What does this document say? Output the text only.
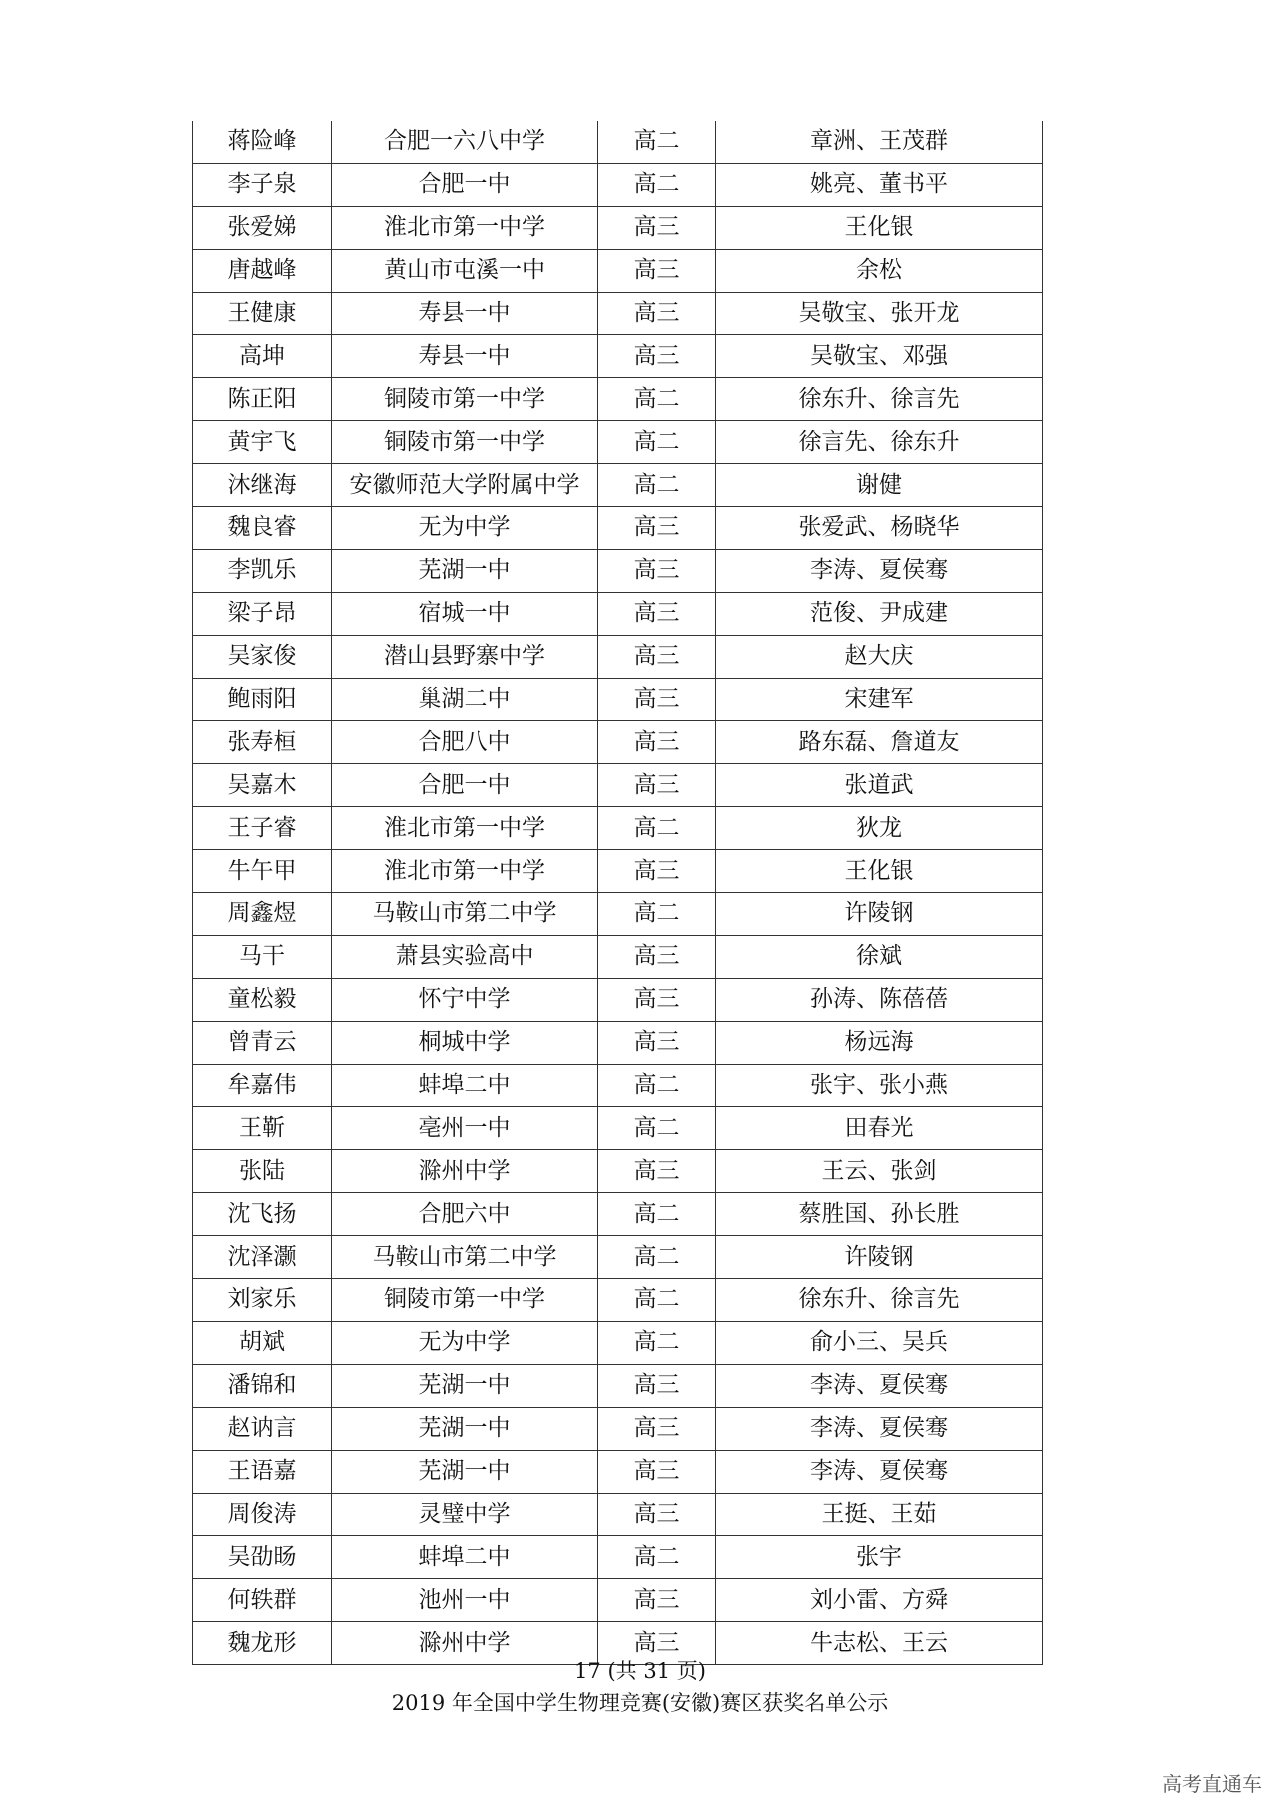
蒋险峰	合肥一六八中学	高二	章洲、王茂群
李子泉	合肥一中	高二	姚亮、董书平
张爱娣	淮北市第一中学	高三	王化银
唐越峰	黄山市屯溪一中	高三	余松
王健康	寿县一中	高三	吴敬宝、张开龙
高坤	寿县一中	高三	吴敬宝、邓强
陈正阳	铜陵市第一中学	高二	徐东升、徐言先
黄宇飞	铜陵市第一中学	高二	徐言先、徐东升
沐继海	安徽师范大学附属中学	高二	谢健
魏良睿	无为中学	高三	张爱武、杨晓华
李凯乐	芜湖一中	高三	李涛、夏侯骞
梁子昂	宿城一中	高三	范俊、尹成建
吴家俊	潜山县野寨中学	高三	赵大庆
鲍雨阳	巢湖二中	高三	宋建军
张寿桓	合肥八中	高三	路东磊、詹道友
吴嘉木	合肥一中	高三	张道武
王子睿	淮北市第一中学	高二	狄龙
牛午甲	淮北市第一中学	高三	王化银
周鑫煜	马鞍山市第二中学	高二	许陵钢
马干	萧县实验高中	高三	徐斌
童松毅	怀宁中学	高三	孙涛、陈蓓蓓
曾青云	桐城中学	高三	杨远海
牟嘉伟	蚌埠二中	高二	张宇、张小燕
王靳	亳州一中	高二	田春光
张陆	滁州中学	高三	王云、张剑
沈飞扬	合肥六中	高二	蔡胜国、孙长胜
沈泽灏	马鞍山市第二中学	高二	许陵钢
刘家乐	铜陵市第一中学	高二	徐东升、徐言先
胡斌	无为中学	高二	俞小三、吴兵
潘锦和	芜湖一中	高三	李涛、夏侯骞
赵讷言	芜湖一中	高三	李涛、夏侯骞
王语嘉	芜湖一中	高三	李涛、夏侯骞
周俊涛	灵璧中学	高三	王挺、王茹
吴劭旸	蚌埠二中	高二	张宇
何轶群	池州一中	高三	刘小雷、方舜
魏龙形	滁州中学	高三	牛志松、王云
17 (共 31 页)
2019 年全国中学生物理竞赛(安徽)赛区获奖名单公示
高考直通车
